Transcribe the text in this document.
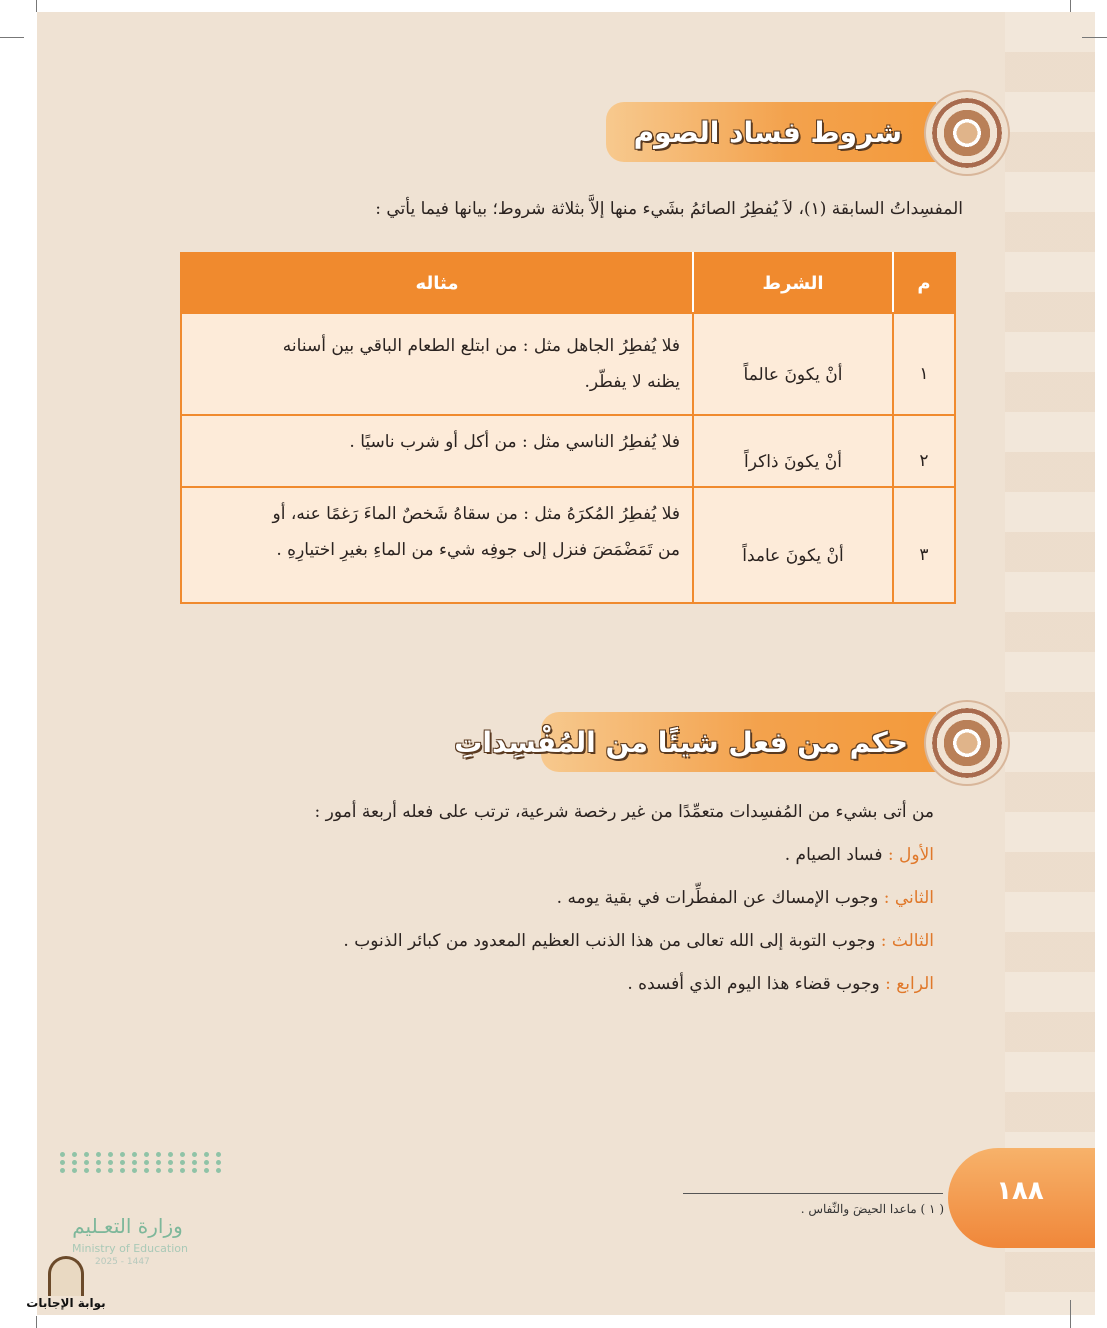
شروط فساد الصوم
المفسِداتُ السابقة (١)، لاَ يُفطِرُ الصائمُ بشَيء منها إلاَّ بثلاثة شروط؛ بيانها فيما يأتي :
م	الشرط	مثاله
١	أنْ يكونَ عالماً	فلا يُفطِرُ الجاهل مثل : من ابتلع الطعام الباقي بين أسنانه
يظنه لا يفطّر.

٢	أنْ يكونَ ذاكراً	فلا يُفطِرُ الناسي مثل : من أكل أو شرب ناسيًا .

٣	أنْ يكونَ عامداً	فلا يُفطِرُ المُكرَهُ مثل : من سقاهُ شَخصٌ الماءَ رَغمًا عنه، أو
من تَمَضْمَضَ فنزل إلى جوفِه شيء من الماءِ بغيرِ اختيارِهِ .
حكم من فعل شيئًا من المُفْسِداتِ
من أتى بشيء من المُفسِدات متعمِّدًا من غير رخصة شرعية، ترتب على فعله أربعة أمور :
الأول : فساد الصيام .
الثاني : وجوب الإمساك عن المفطِّرات في بقية يومه .
الثالث : وجوب التوبة إلى الله تعالى من هذا الذنب العظيم المعدود من كبائر الذنوب .
الرابع : وجوب قضاء هذا اليوم الذي أفسده .
١٨٨
( ١ ) ماعدا الحيضَ والنِّفاس .
وزارة التعـليم
Ministry of Education
2025 - 1447
بوابة الإجابات
